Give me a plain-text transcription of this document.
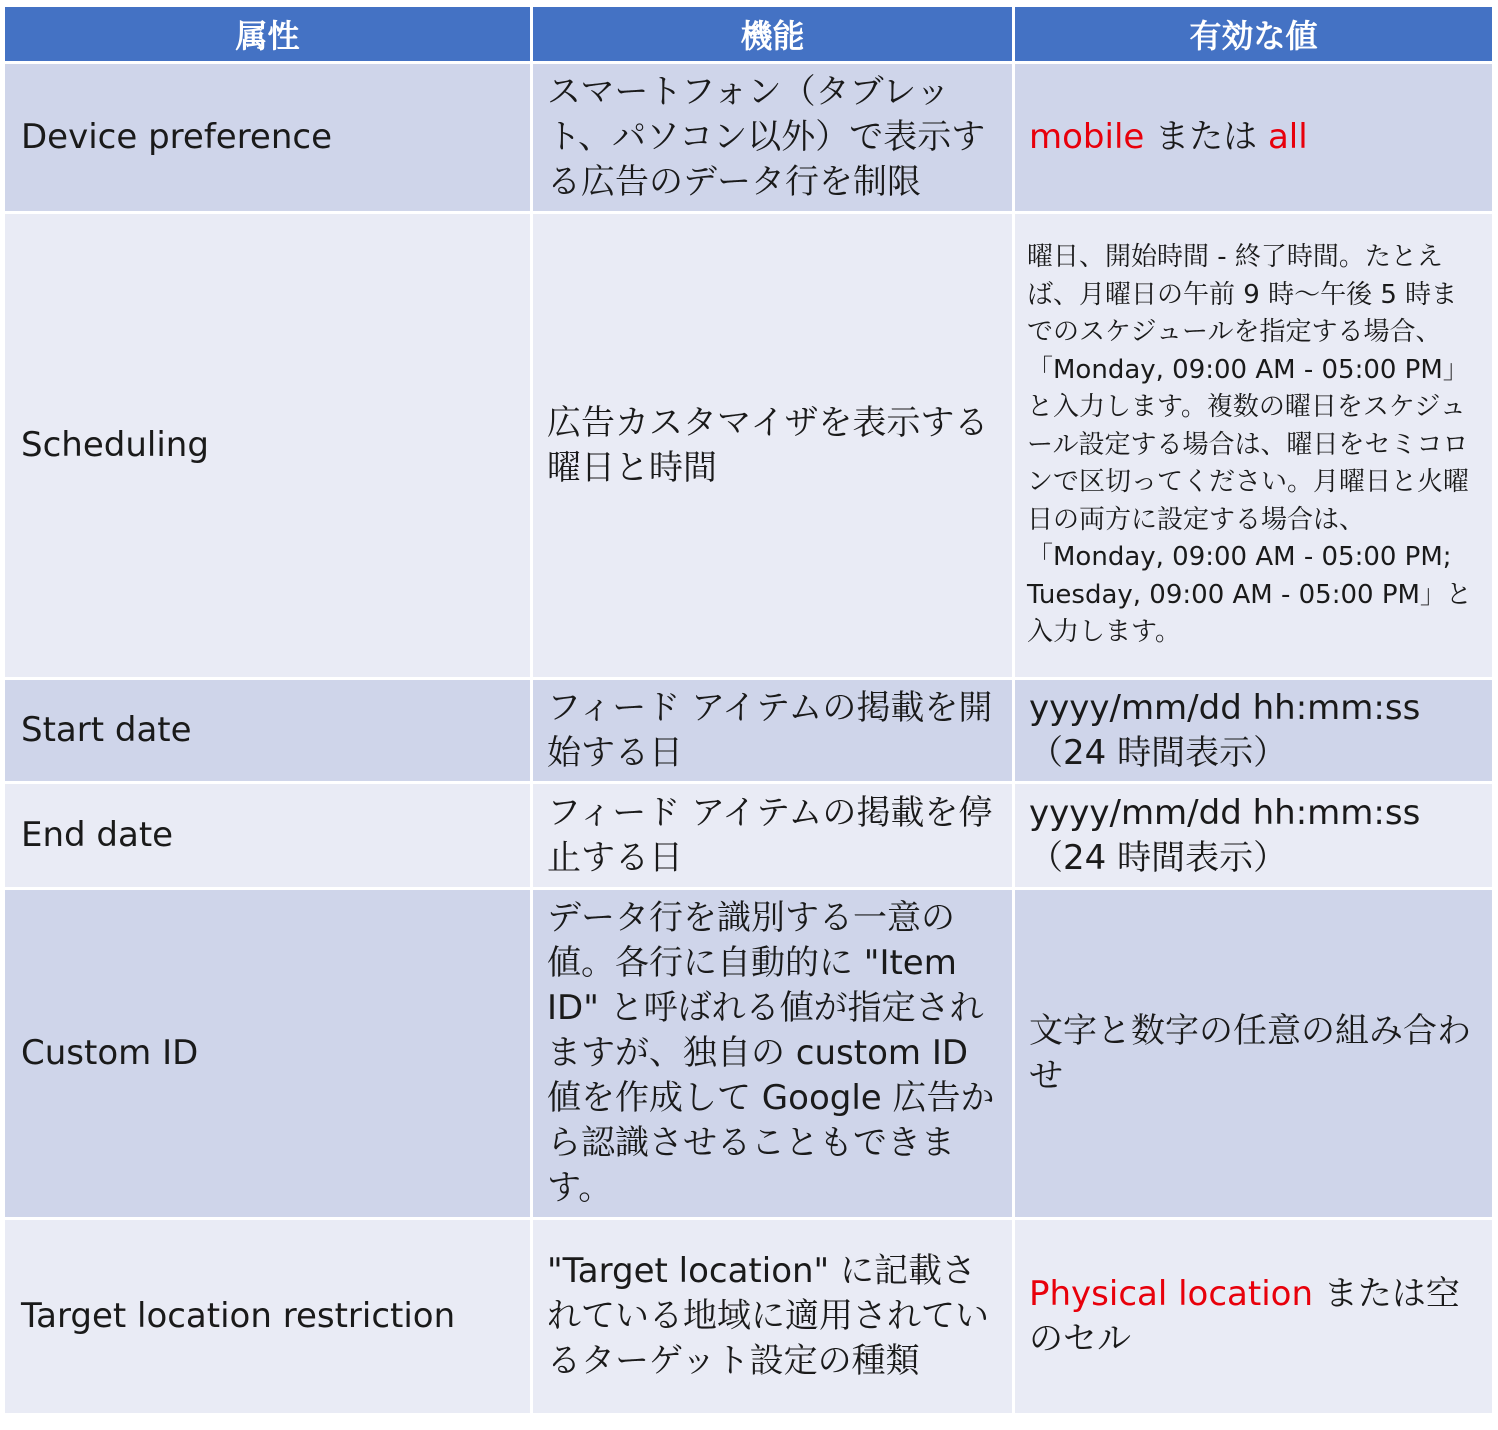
属性	機能	有効な値
Device preference	スマートフォン（タブレット、パソコン以外）で表示する広告のデータ行を制限	mobile または all
Scheduling	広告カスタマイザを表示する曜日と時間	曜日、開始時間 - 終了時間。たとえば、月曜日の午前 9 時～午後 5 時までのスケジュールを指定する場合、「Monday, 09:00 AM - 05:00 PM」と入力します。複数の曜日をスケジュール設定する場合は、曜日をセミコロンで区切ってください。月曜日と火曜日の両方に設定する場合は、「Monday, 09:00 AM - 05:00 PM; Tuesday, 09:00 AM - 05:00 PM」と入力します。
Start date	フィード アイテムの掲載を開始する日	yyyy/mm/dd hh:mm:ss（24 時間表示）
End date	フィード アイテムの掲載を停止する日	yyyy/mm/dd hh:mm:ss（24 時間表示）
Custom ID	データ行を識別する一意の値。各行に自動的に "Item ID" と呼ばれる値が指定されますが、独自の custom ID 値を作成して Google 広告から認識させることもできます。	文字と数字の任意の組み合わせ
Target location restriction	"Target location" に記載されている地域に適用されているターゲット設定の種類	Physical location または空のセル
